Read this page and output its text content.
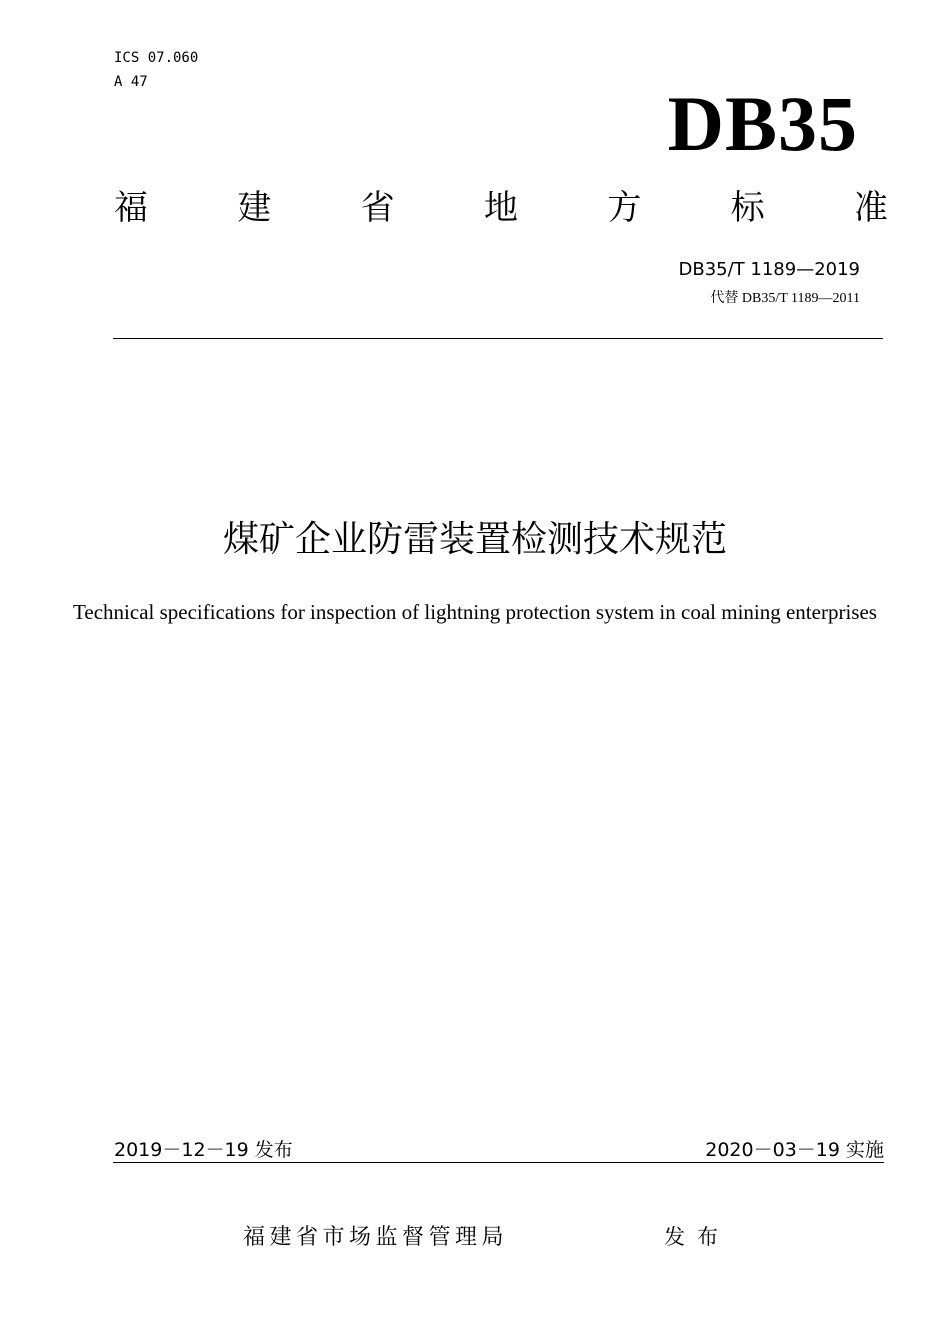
ICS 07.060
A 47	DB35
福	建	省	地	方	标	准
DB35/T 1189—2019
代替 DB35/T 1189—2011
煤矿企业防雷装置检测技术规范
Technical specifications for inspection of lightning protection system in coal mining enterprises
2019－12－19 发布	2020－03－19 实施
福建省市场监督管理局	发布
